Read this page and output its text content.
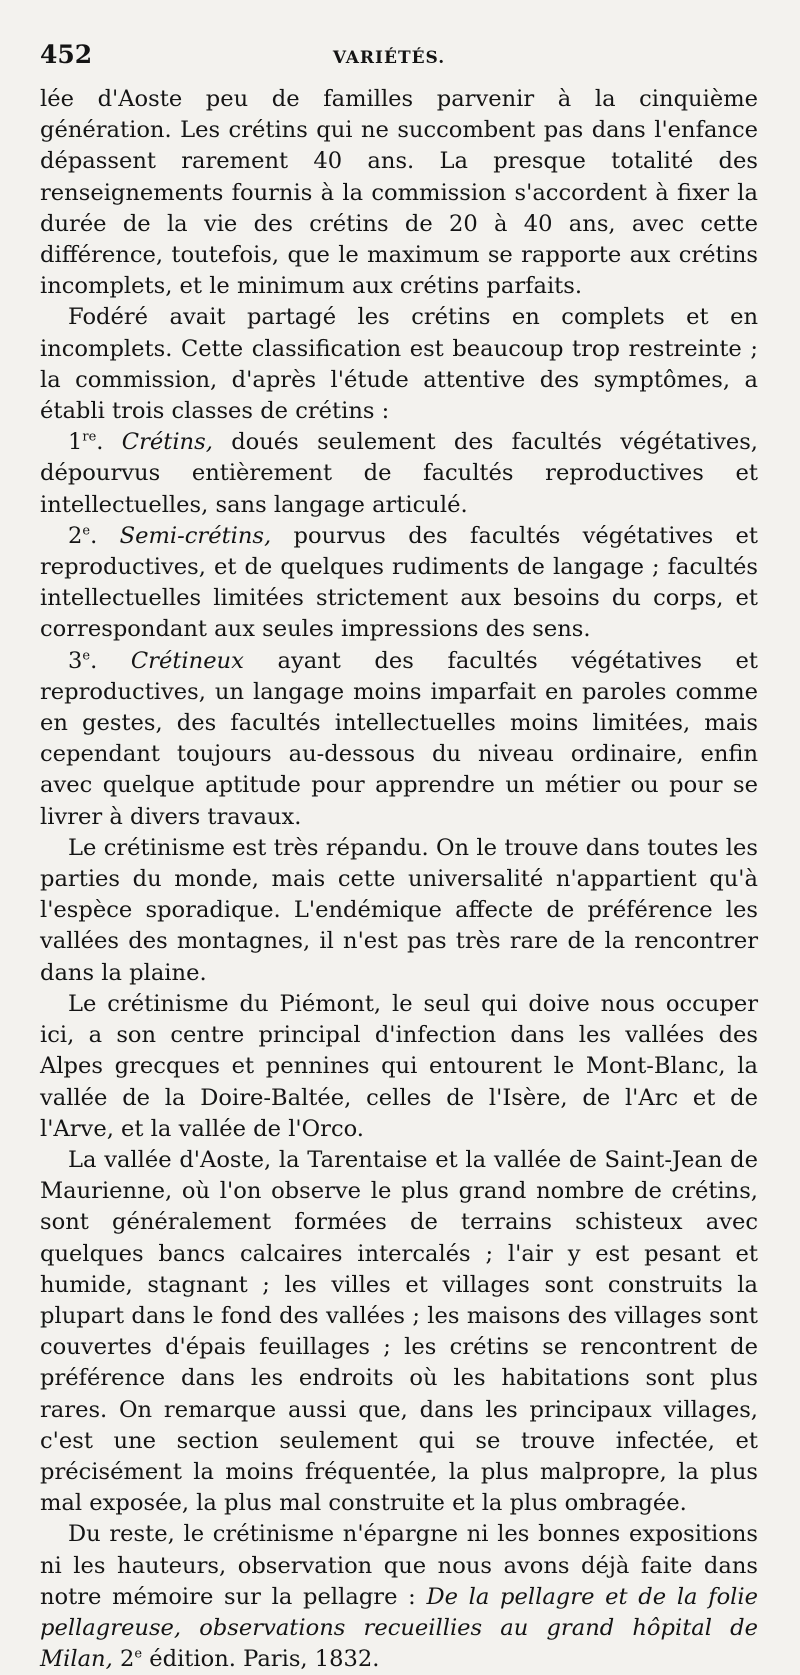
452	VARIÉTÉS.

lée d'Aoste peu de familles parvenir à la cinquième génération. Les crétins qui ne succombent pas dans l'enfance dépassent rarement 40 ans. La presque totalité des renseignements fournis à la commission s'accordent à fixer la durée de la vie des crétins de 20 à 40 ans, avec cette différence, toutefois, que le maximum se rapporte aux crétins incomplets, et le minimum aux crétins parfaits.

Fodéré avait partagé les crétins en complets et en incomplets. Cette classification est beaucoup trop restreinte ; la commission, d'après l'étude attentive des symptômes, a établi trois classes de crétins :

1re. Crétins, doués seulement des facultés végétatives, dépourvus entièrement de facultés reproductives et intellectuelles, sans langage articulé.

2e. Semi-crétins, pourvus des facultés végétatives et reproductives, et de quelques rudiments de langage ; facultés intellectuelles limitées strictement aux besoins du corps, et correspondant aux seules impressions des sens.

3e. Crétineux ayant des facultés végétatives et reproductives, un langage moins imparfait en paroles comme en gestes, des facultés intellectuelles moins limitées, mais cependant toujours au-dessous du niveau ordinaire, enfin avec quelque aptitude pour apprendre un métier ou pour se livrer à divers travaux.

Le crétinisme est très répandu. On le trouve dans toutes les parties du monde, mais cette universalité n'appartient qu'à l'espèce sporadique. L'endémique affecte de préférence les vallées des montagnes, il n'est pas très rare de la rencontrer dans la plaine.

Le crétinisme du Piémont, le seul qui doive nous occuper ici, a son centre principal d'infection dans les vallées des Alpes grecques et pennines qui entourent le Mont-Blanc, la vallée de la Doire-Baltée, celles de l'Isère, de l'Arc et de l'Arve, et la vallée de l'Orco.

La vallée d'Aoste, la Tarentaise et la vallée de Saint-Jean de Maurienne, où l'on observe le plus grand nombre de crétins, sont généralement formées de terrains schisteux avec quelques bancs calcaires intercalés ; l'air y est pesant et humide, stagnant ; les villes et villages sont construits la plupart dans le fond des vallées ; les maisons des villages sont couvertes d'épais feuillages ; les crétins se rencontrent de préférence dans les endroits où les habitations sont plus rares. On remarque aussi que, dans les principaux villages, c'est une section seulement qui se trouve infectée, et précisément la moins fréquentée, la plus malpropre, la plus mal exposée, la plus mal construite et la plus ombragée.

Du reste, le crétinisme n'épargne ni les bonnes expositions ni les hauteurs, observation que nous avons déjà faite dans notre mémoire sur la pellagre : De la pellagre et de la folie pellagreuse, observations recueillies au grand hôpital de Milan, 2e édition. Paris, 1832.
